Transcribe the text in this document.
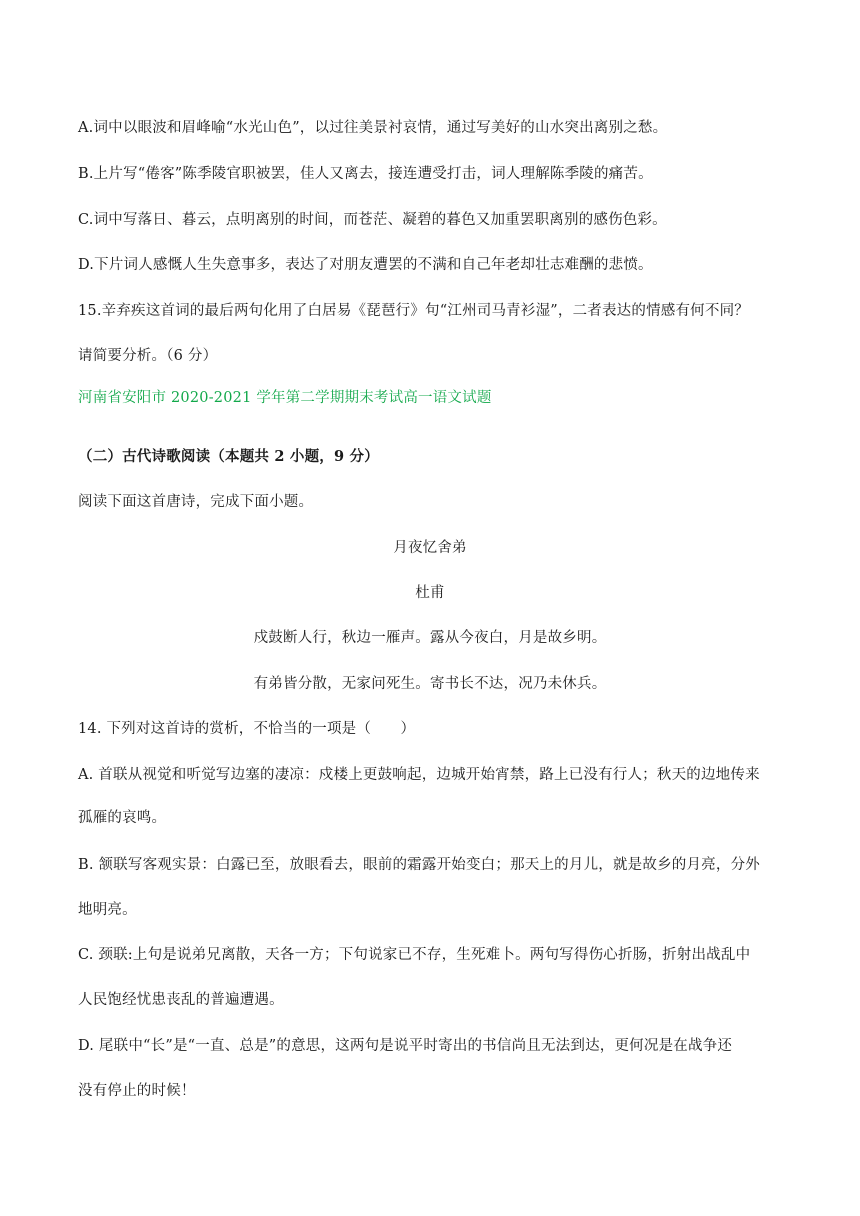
A.词中以眼波和眉峰喻“水光山色”，以过往美景衬哀情，通过写美好的山水突出离别之愁。
B.上片写“倦客”陈季陵官职被罢，佳人又离去，接连遭受打击，词人理解陈季陵的痛苦。
C.词中写落日、暮云，点明离别的时间，而苍茫、凝碧的暮色又加重罢职离别的感伤色彩。
D.下片词人感慨人生失意事多，表达了对朋友遭罢的不满和自己年老却壮志难酬的悲愤。
15.辛弃疾这首词的最后两句化用了白居易《琵琶行》句“江州司马青衫湿”，二者表达的情感有何不同？
请简要分析。（6 分）
河南省安阳市 2020-2021 学年第二学期期末考试高一语文试题
（二）古代诗歌阅读（本题共 2 小题，9 分）
阅读下面这首唐诗，完成下面小题。
月夜忆舍弟
杜甫
戍鼓断人行，秋边一雁声。露从今夜白，月是故乡明。
有弟皆分散，无家问死生。寄书长不达，况乃未休兵。
14. 下列对这首诗的赏析，不恰当的一项是（　　）
A. 首联从视觉和听觉写边塞的凄凉：戍楼上更鼓响起，边城开始宵禁，路上已没有行人；秋天的边地传来
孤雁的哀鸣。
B. 颔联写客观实景：白露已至，放眼看去，眼前的霜露开始变白；那天上的月儿，就是故乡的月亮，分外
地明亮。
C. 颈联:上句是说弟兄离散，天各一方；下句说家已不存，生死难卜。两句写得伤心折肠，折射出战乱中
人民饱经忧患丧乱的普遍遭遇。
D. 尾联中“长”是“一直、总是”的意思，这两句是说平时寄出的书信尚且无法到达，更何况是在战争还
没有停止的时候！
